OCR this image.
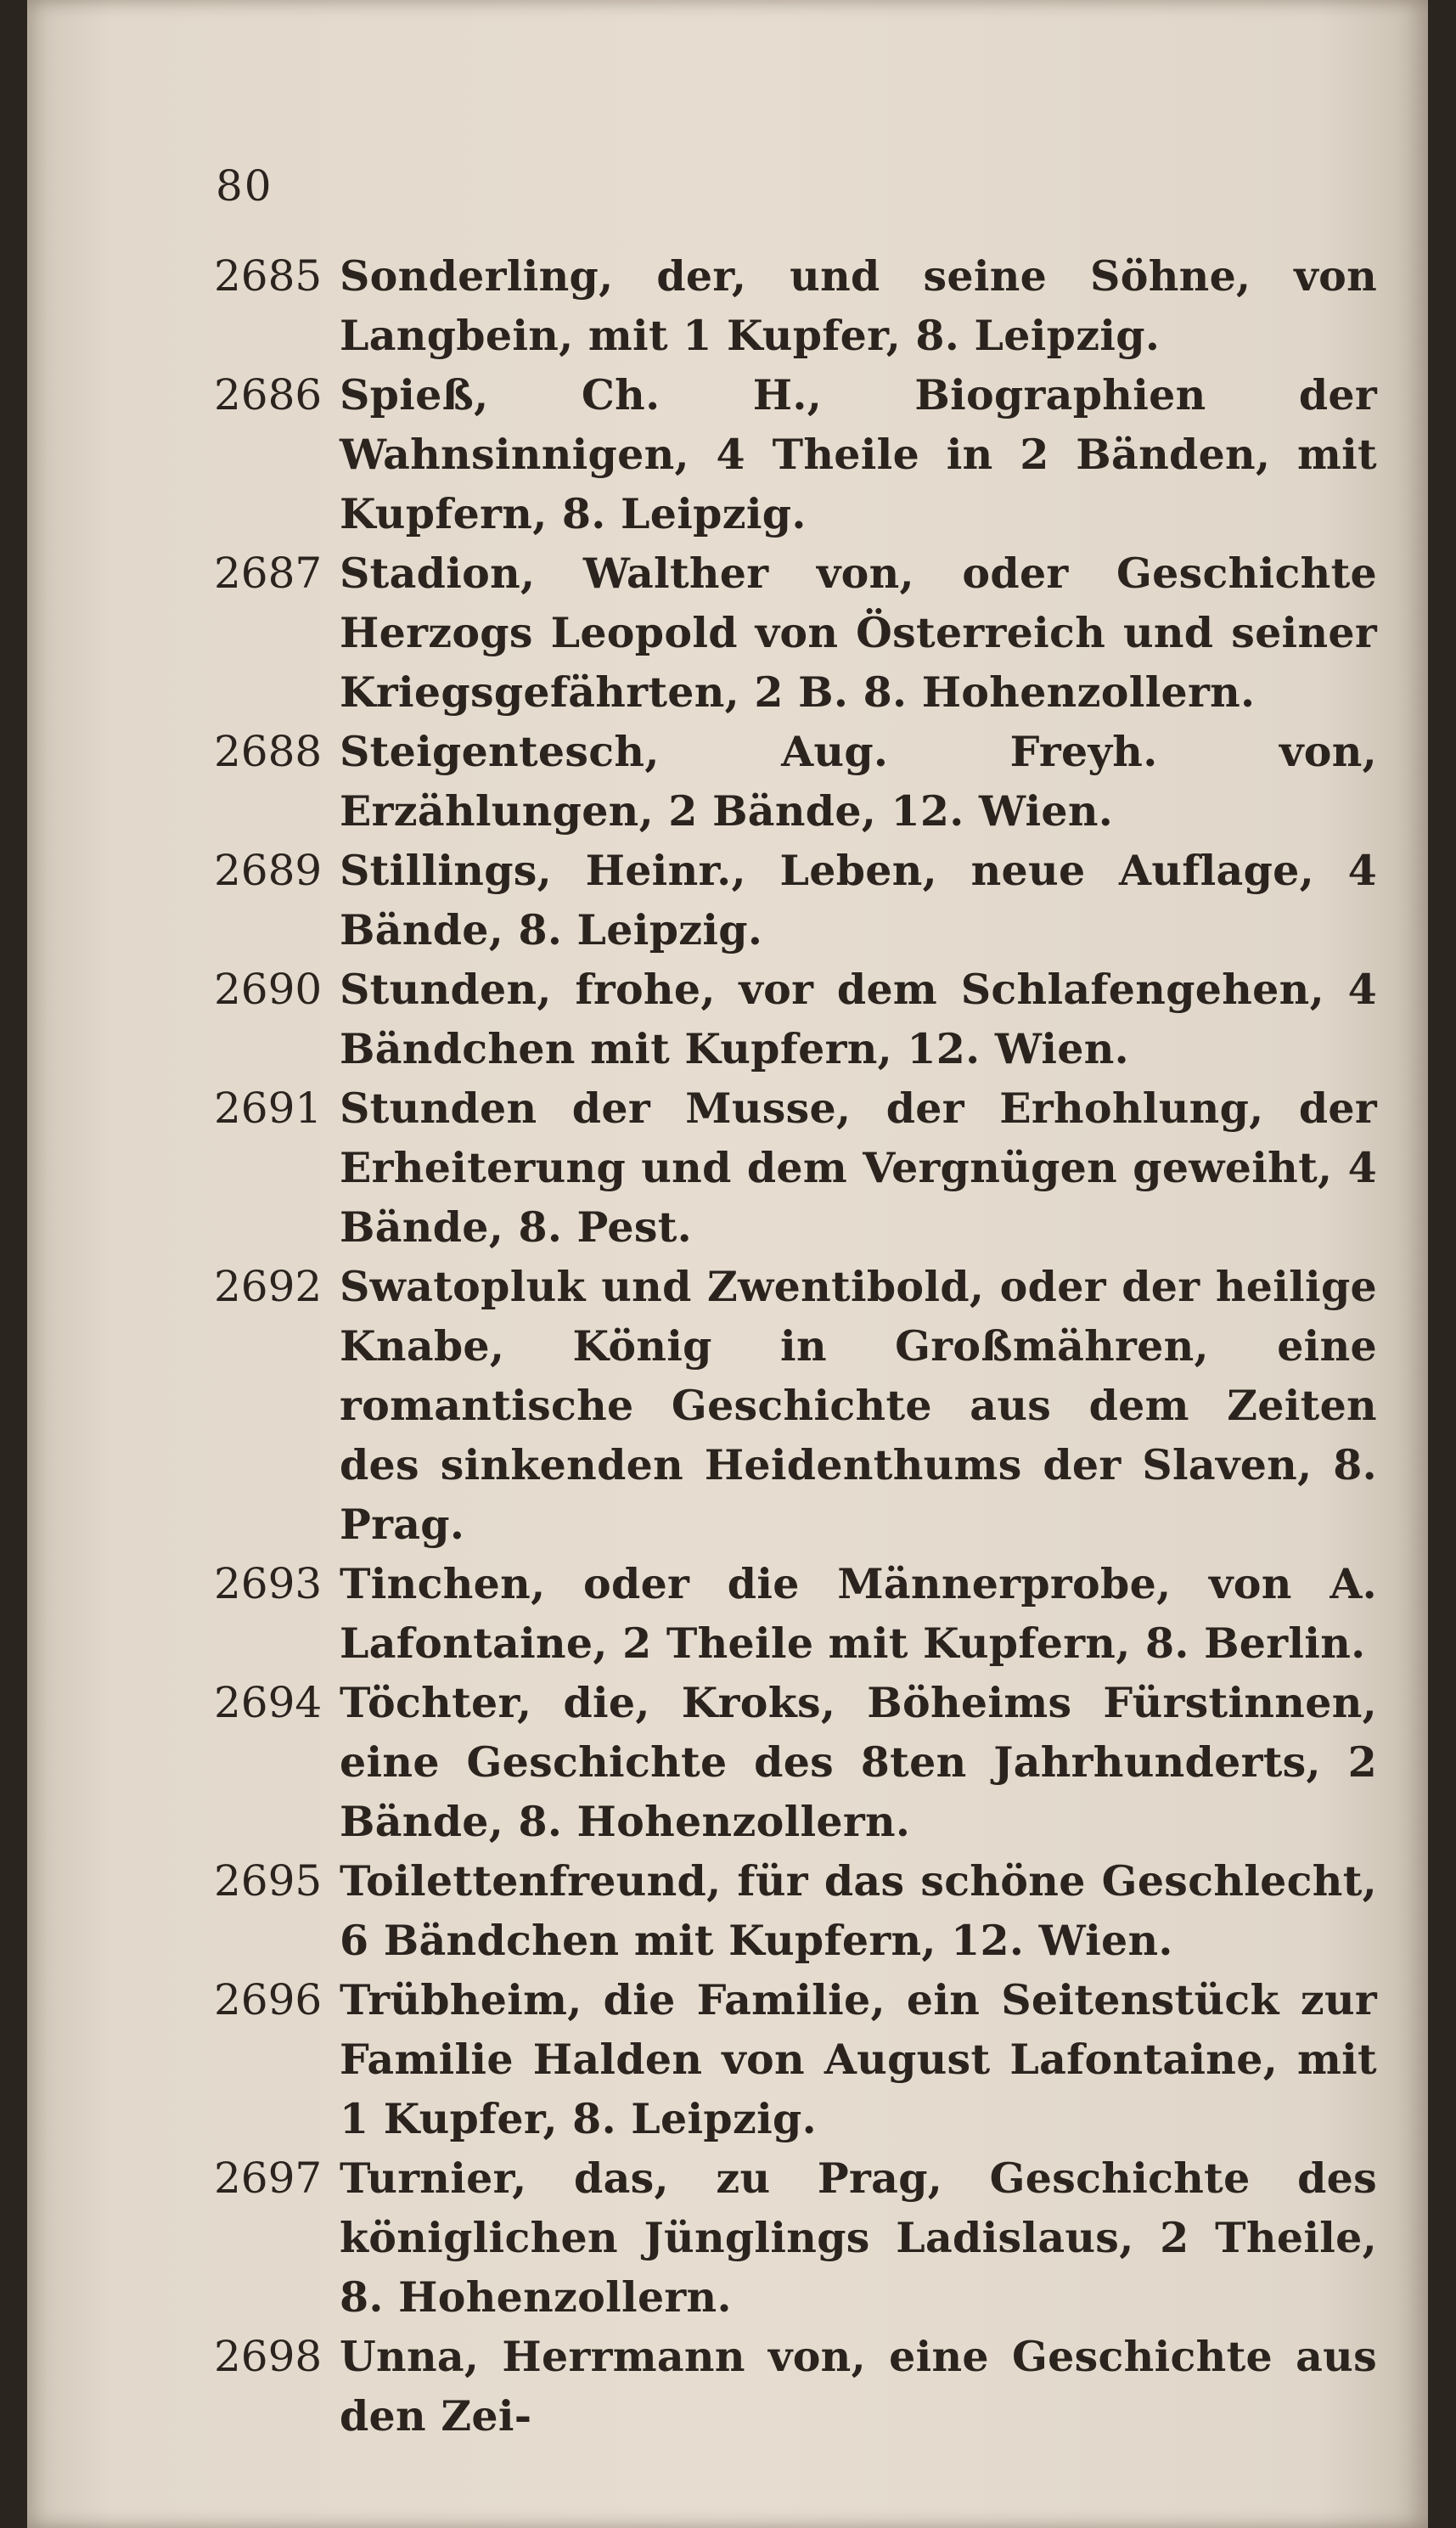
80
2685 Sonderling, der, und seine Söhne, von Langbein, mit 1 Kupfer, 8. Leipzig.
2686 Spieß, Ch. H., Biographien der Wahnsinnigen, 4 Theile in 2 Bänden, mit Kupfern, 8. Leipzig.
2687 Stadion, Walther von, oder Geschichte Herzogs Leopold von Österreich und seiner Kriegsgefährten, 2 B. 8. Hohenzollern.
2688 Steigentesch, Aug. Freyh. von, Erzählungen, 2 Bände, 12. Wien.
2689 Stillings, Heinr., Leben, neue Auflage, 4 Bände, 8. Leipzig.
2690 Stunden, frohe, vor dem Schlafengehen, 4 Bändchen mit Kupfern, 12. Wien.
2691 Stunden der Musse, der Erhohlung, der Erheiterung und dem Vergnügen geweiht, 4 Bände, 8. Pest.
2692 Swatopluk und Zwentibold, oder der heilige Knabe, König in Großmähren, eine romantische Geschichte aus dem Zeiten des sinkenden Heidenthums der Slaven, 8. Prag.
2693 Tinchen, oder die Männerprobe, von A. Lafontaine, 2 Theile mit Kupfern, 8. Berlin.
2694 Töchter, die, Kroks, Böheims Fürstinnen, eine Geschichte des 8ten Jahrhunderts, 2 Bände, 8. Hohenzollern.
2695 Toilettenfreund, für das schöne Geschlecht, 6 Bändchen mit Kupfern, 12. Wien.
2696 Trübheim, die Familie, ein Seitenstück zur Familie Halden von August Lafontaine, mit 1 Kupfer, 8. Leipzig.
2697 Turnier, das, zu Prag, Geschichte des königlichen Jünglings Ladislaus, 2 Theile, 8. Hohenzollern.
2698 Unna, Herrmann von, eine Geschichte aus den Zei-
